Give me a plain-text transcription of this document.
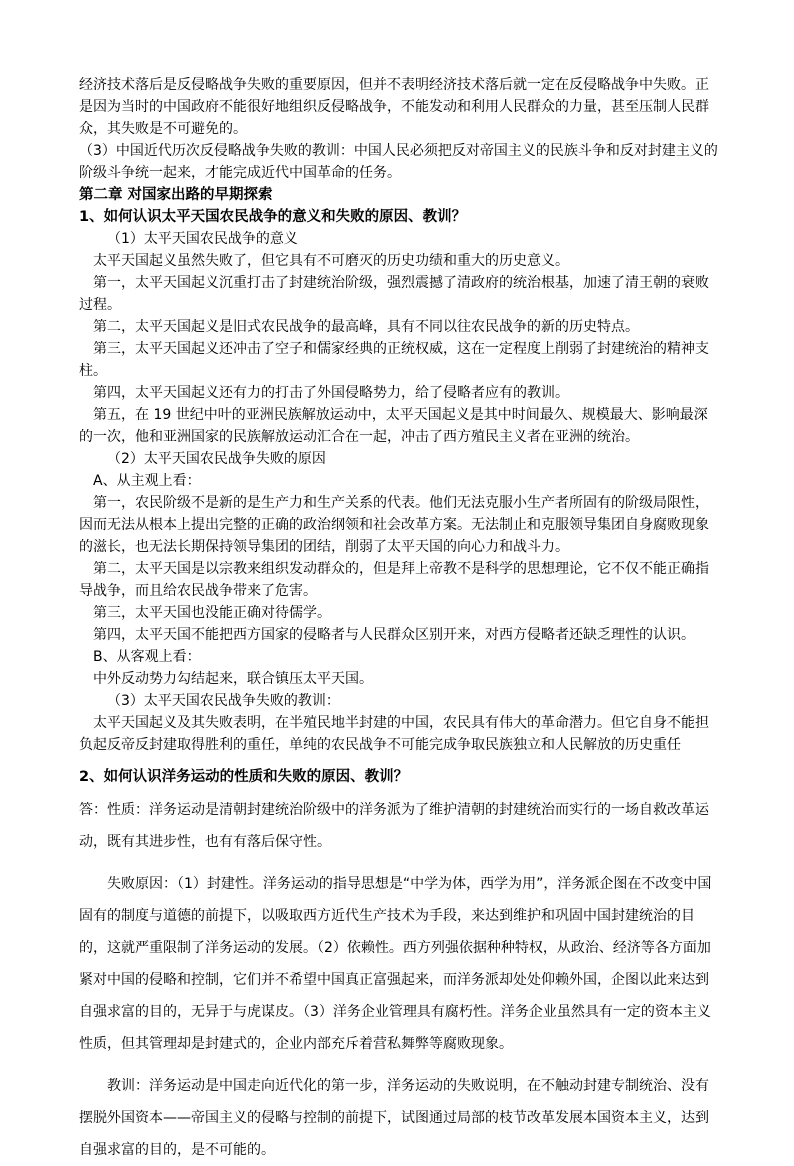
经济技术落后是反侵略战争失败的重要原因，但并不表明经济技术落后就一定在反侵略战争中失败。正是因为当时的中国政府不能很好地组织反侵略战争，不能发动和利用人民群众的力量，甚至压制人民群众，其失败是不可避免的。

（3）中国近代历次反侵略战争失败的教训：中国人民必须把反对帝国主义的民族斗争和反对封建主义的阶级斗争统一起来，才能完成近代中国革命的任务。

第二章 对国家出路的早期探索

1、如何认识太平天国农民战争的意义和失败的原因、教训？

（1）太平天国农民战争的意义

太平天国起义虽然失败了，但它具有不可磨灭的历史功绩和重大的历史意义。

第一，太平天国起义沉重打击了封建统治阶级，强烈震撼了清政府的统治根基，加速了清王朝的衰败过程。

第二，太平天国起义是旧式农民战争的最高峰，具有不同以往农民战争的新的历史特点。

第三，太平天国起义还冲击了空子和儒家经典的正统权威，这在一定程度上削弱了封建统治的精神支柱。

第四，太平天国起义还有力的打击了外国侵略势力，给了侵略者应有的教训。

第五，在 19 世纪中叶的亚洲民族解放运动中，太平天国起义是其中时间最久、规模最大、影响最深的一次，他和亚洲国家的民族解放运动汇合在一起，冲击了西方殖民主义者在亚洲的统治。

（2）太平天国农民战争失败的原因

A、从主观上看：

第一，农民阶级不是新的是生产力和生产关系的代表。他们无法克服小生产者所固有的阶级局限性，因而无法从根本上提出完整的正确的政治纲领和社会改革方案。无法制止和克服领导集团自身腐败现象的滋长，也无法长期保持领导集团的团结，削弱了太平天国的向心力和战斗力。

第二，太平天国是以宗教来组织发动群众的，但是拜上帝教不是科学的思想理论，它不仅不能正确指导战争，而且给农民战争带来了危害。

第三，太平天国也没能正确对待儒学。

第四，太平天国不能把西方国家的侵略者与人民群众区别开来，对西方侵略者还缺乏理性的认识。

B、从客观上看：

中外反动势力勾结起来，联合镇压太平天国。

（3）太平天国农民战争失败的教训：

太平天国起义及其失败表明，在半殖民地半封建的中国，农民具有伟大的革命潜力。但它自身不能担负起反帝反封建取得胜利的重任，单纯的农民战争不可能完成争取民族独立和人民解放的历史重任

2、如何认识洋务运动的性质和失败的原因、教训？

答：性质：洋务运动是清朝封建统治阶级中的洋务派为了维护清朝的封建统治而实行的一场自救改革运动，既有其进步性，也有有落后保守性。

失败原因：（1）封建性。洋务运动的指导思想是“中学为体，西学为用”，洋务派企图在不改变中国固有的制度与道德的前提下，以吸取西方近代生产技术为手段，来达到维护和巩固中国封建统治的目的，这就严重限制了洋务运动的发展。（2）依赖性。西方列强依据种种特权，从政治、经济等各方面加紧对中国的侵略和控制，它们并不希望中国真正富强起来，而洋务派却处处仰赖外国，企图以此来达到自强求富的目的，无异于与虎谋皮。（3）洋务企业管理具有腐朽性。洋务企业虽然具有一定的资本主义性质，但其管理却是封建式的，企业内部充斥着营私舞弊等腐败现象。

教训：洋务运动是中国走向近代化的第一步，洋务运动的失败说明，在不触动封建专制统治、没有摆脱外国资本——帝国主义的侵略与控制的前提下，试图通过局部的枝节改革发展本国资本主义，达到自强求富的目的，是不可能的。
